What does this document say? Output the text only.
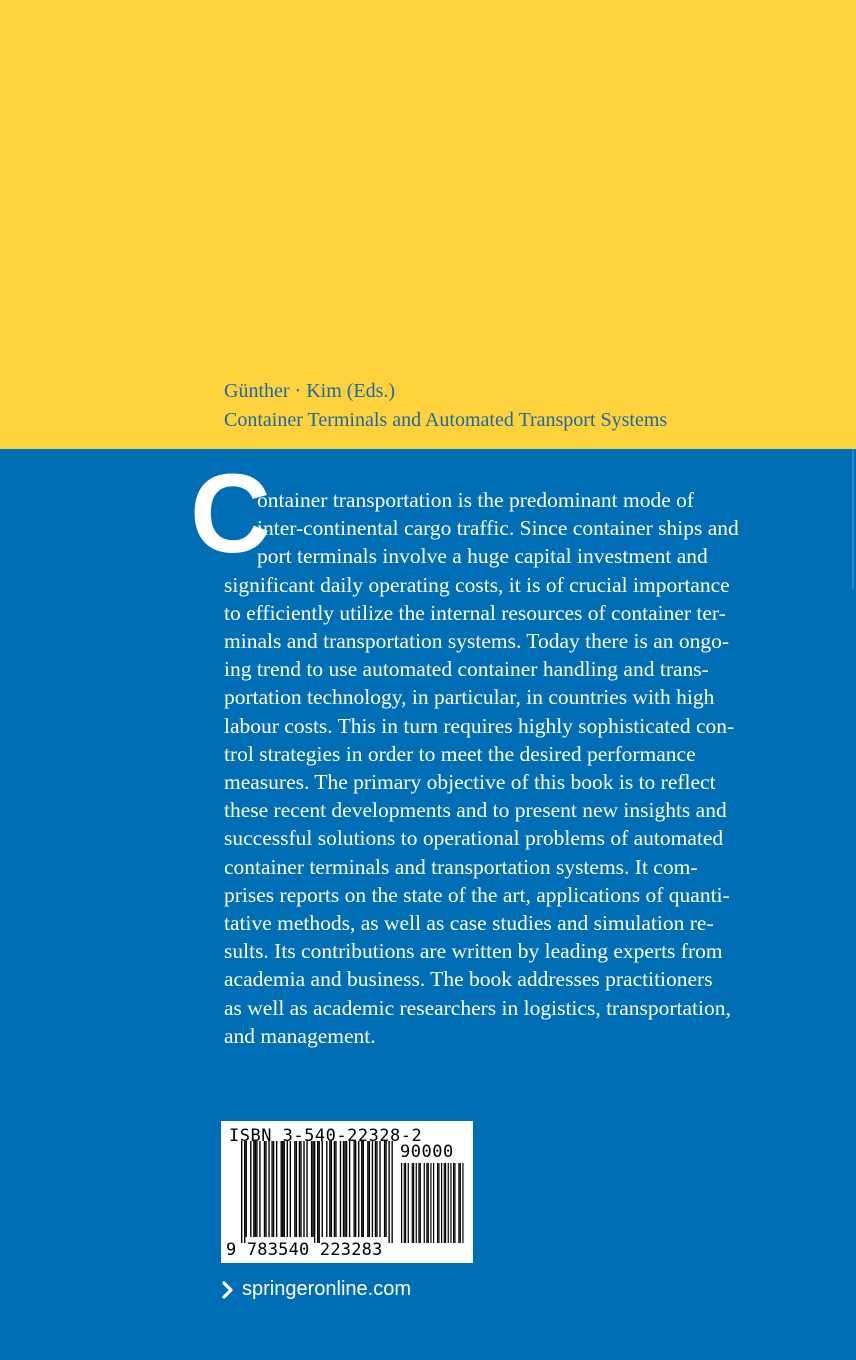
Günther · Kim (Eds.)
Container Terminals and Automated Transport Systems
C
ontainer transportation is the predominant mode of
inter-continental cargo traffic. Since container ships and
port terminals involve a huge capital investment and
significant daily operating costs, it is of crucial importance
to efficiently utilize the internal resources of container ter-
minals and transportation systems. Today there is an ongo-
ing trend to use automated container handling and trans-
portation technology, in particular, in countries with high
labour costs. This in turn requires highly sophisticated con-
trol strategies in order to meet the desired performance
measures. The primary objective of this book is to reflect
these recent developments and to present new insights and
successful solutions to operational problems of automated
container terminals and transportation systems. It com-
prises reports on the state of the art, applications of quanti-
tative methods, as well as case studies and simulation re-
sults. Its contributions are written by leading experts from
academia and business. The book addresses practitioners
as well as academic researchers in logistics, transportation,
and management.
ISBN 3-540-22328-2
90000
9 783540 223283
springeronline.com
